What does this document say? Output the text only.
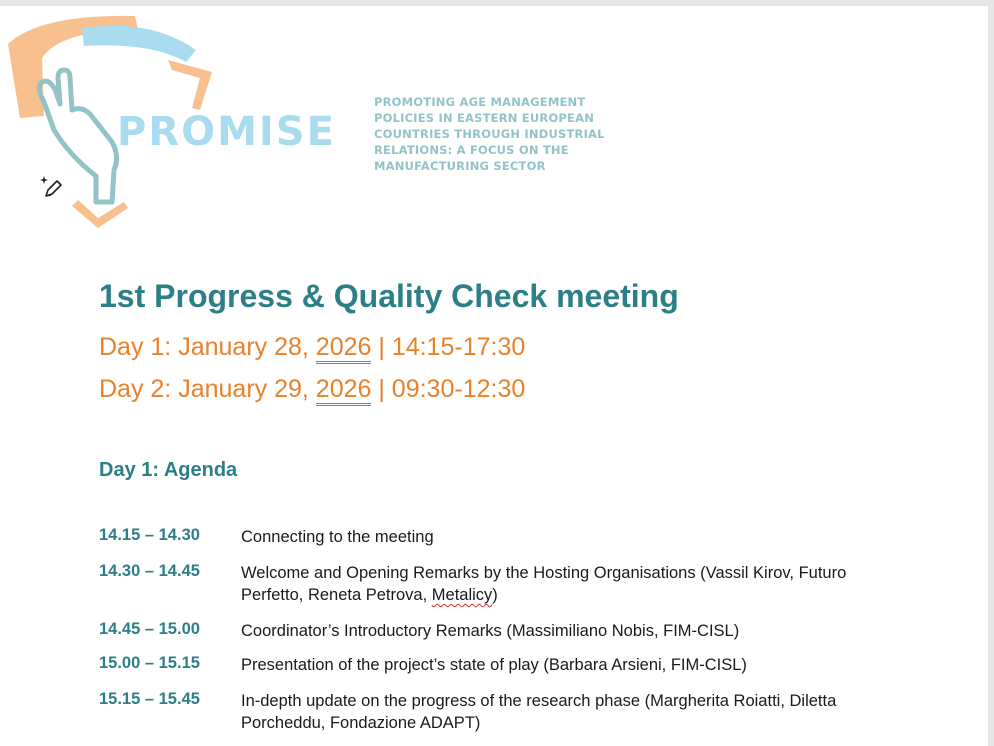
PROMISE
PROMOTING AGE MANAGEMENT
POLICIES IN EASTERN EUROPEAN
COUNTRIES THROUGH INDUSTRIAL
RELATIONS: A FOCUS ON THE
MANUFACTURING SECTOR
1st Progress & Quality Check meeting
Day 1: January 28, 2026 | 14:15-17:30
Day 2: January 29, 2026 | 09:30-12:30
Day 1: Agenda
14.15 – 14.30	Connecting to the meeting
14.30 – 14.45	Welcome and Opening Remarks by the Hosting Organisations (Vassil Kirov, Futuro Perfetto, Reneta Petrova, Metalicy)
14.45 – 15.00	Coordinator’s Introductory Remarks (Massimiliano Nobis, FIM-CISL)
15.00 – 15.15	Presentation of the project’s state of play (Barbara Arsieni, FIM-CISL)
15.15 – 15.45	In-depth update on the progress of the research phase (Margherita Roiatti, Diletta Porcheddu, Fondazione ADAPT)
